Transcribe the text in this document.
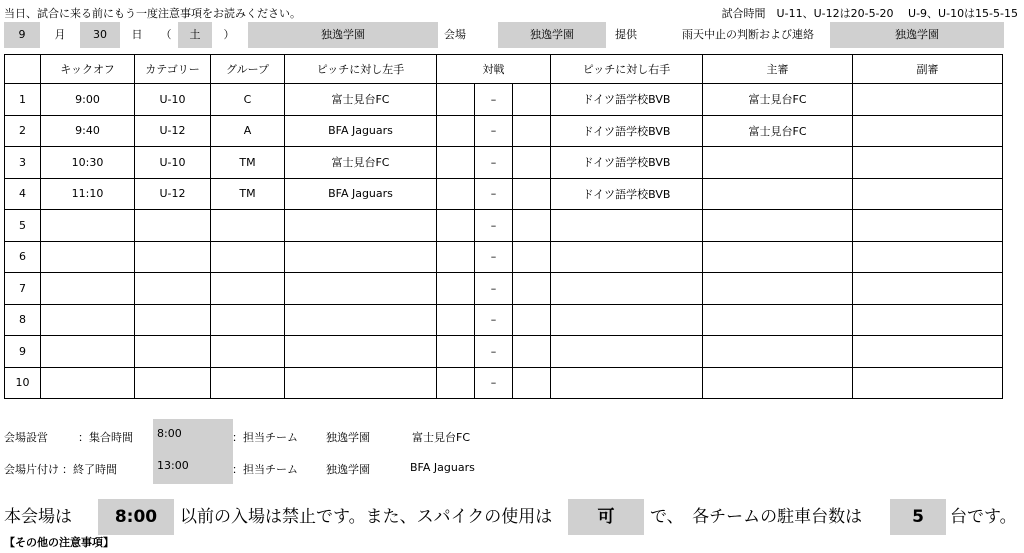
当日、試合に来る前にもう一度注意事項をお読みください。	試合時間　U-11、U-12は20-5-20　 U-9、U-10は15-5-15
9	月	30	日	（	土	）	独逸学園	会場	独逸学園	提供	雨天中止の判断および連絡	独逸学園
	キックオフ	カテゴリー	グループ	ピッチに対し左手	対戦			ピッチに対し右手	主審	副審
1	9:00	U-10	C	富士見台FC		–		ドイツ語学校BVB	富士見台FC	
2	9:40	U-12	A	BFA Jaguars		–		ドイツ語学校BVB	富士見台FC	
3	10:30	U-10	TM	富士見台FC		–		ドイツ語学校BVB		
4	11:10	U-12	TM	BFA Jaguars		–		ドイツ語学校BVB		
5						–				
6						–				
7						–				
8						–				
9						–				
10						–				
会場設営	：集合時間	8:00	：担当チーム	独逸学園	富士見台FC
会場片付け ：終了時間	13:00	：担当チーム	独逸学園	BFA Jaguars
本会場は	8:00	以前の入場は禁止です。また、スパイクの使用は	可	で、　各チームの駐車台数は	5	台です。
【その他の注意事項】
